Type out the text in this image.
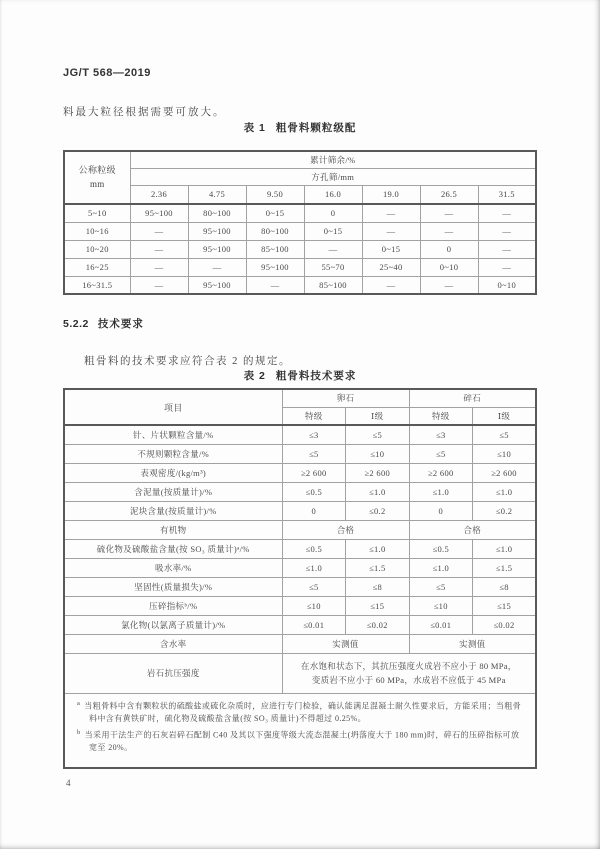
JG/T 568—2019

料最大粒径根据需要可放大。

表 1 粗骨料颗粒级配
公称粒级
mm	累计筛余/%						
	方孔筛/mm						
	2.36	4.75	9.50	16.0	19.0	26.5	31.5
5~10	95~100	80~100	0~15	0	—	—	—
10~16	—	95~100	80~100	0~15	—	—	—
10~20	—	95~100	85~100	—	0~15	0	—
16~25	—	—	95~100	55~70	25~40	0~10	—
16~31.5	—	95~100	—	85~100	—	—	0~10
5.2.2 技术要求

粗骨料的技术要求应符合表 2 的规定。

表 2 粗骨料技术要求
项目	卵石		碎石	
	特级	Ⅰ级	特级	Ⅰ级
针、片状颗粒含量/%	≤3	≤5	≤3	≤5
不规则颗粒含量/%	≤5	≤10	≤5	≤10
表观密度/(kg/m³)	≥2 600	≥2 600	≥2 600	≥2 600
含泥量(按质量计)/%	≤0.5	≤1.0	≤1.0	≤1.0
泥块含量(按质量计)/%	0	≤0.2	0	≤0.2
有机物	合格		合格	
硫化物及硫酸盐含量(按 SO₃ 质量计)ᵃ/%	≤0.5	≤1.0	≤0.5	≤1.0
吸水率/%	≤1.0	≤1.5	≤1.0	≤1.5
坚固性(质量损失)/%	≤5	≤8	≤5	≤8
压碎指标ᵇ/%	≤10	≤15	≤10	≤15
氯化物(以氯离子质量计)/%	≤0.01	≤0.02	≤0.01	≤0.02
含水率	实测值		实测值	
岩石抗压强度	在水饱和状态下，其抗压强度火成岩不应小于 80 MPa，
变质岩不应小于 60 MPa，水成岩不应低于 45 MPa			

$^a$ 当粗骨料中含有颗粒状的硫酸盐或硫化杂质时，应进行专门检验，确认能满足混凝土耐久性要求后，方能采用；当粗骨料中含有黄铁矿时，硫化物及硫酸盐含量(按 SO₃ 质量计)不得超过 0.25%。
$^b$ 当采用干法生产的石灰岩碎石配制 C40 及其以下强度等级大流态混凝土(坍落度大于 180 mm)时，碎石的压碎指标可放宽至 20%。				
4
